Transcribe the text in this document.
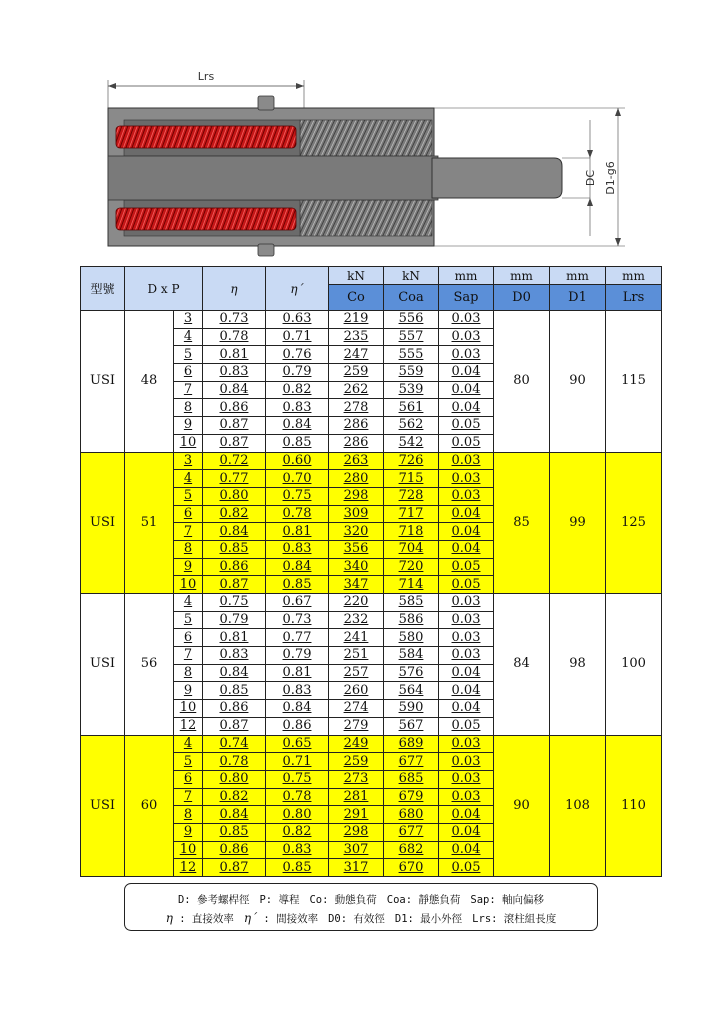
Lrs
DC D1-g6
型號	D x P		η	η´	kN	kN	mm	mm	mm	mm
					Co	Coa	Sap	D0	D1	Lrs
USI	48	3	0.73	0.63	219	556	0.03	80	90	115
		4	0.78	0.71	235	557	0.03			
		5	0.81	0.76	247	555	0.03			
		6	0.83	0.79	259	559	0.04			
		7	0.84	0.82	262	539	0.04			
		8	0.86	0.83	278	561	0.04			
		9	0.87	0.84	286	562	0.05			
		10	0.87	0.85	286	542	0.05			
USI	51	3	0.72	0.60	263	726	0.03	85	99	125
		4	0.77	0.70	280	715	0.03			
		5	0.80	0.75	298	728	0.03			
		6	0.82	0.78	309	717	0.04			
		7	0.84	0.81	320	718	0.04			
		8	0.85	0.83	356	704	0.04			
		9	0.86	0.84	340	720	0.05			
		10	0.87	0.85	347	714	0.05			
USI	56	4	0.75	0.67	220	585	0.03	84	98	100
		5	0.79	0.73	232	586	0.03			
		6	0.81	0.77	241	580	0.03			
		7	0.83	0.79	251	584	0.03			
		8	0.84	0.81	257	576	0.04			
		9	0.85	0.83	260	564	0.04			
		10	0.86	0.84	274	590	0.04			
		12	0.87	0.86	279	567	0.05			
USI	60	4	0.74	0.65	249	689	0.03	90	108	110
		5	0.78	0.71	259	677	0.03			
		6	0.80	0.75	273	685	0.03			
		7	0.82	0.78	281	679	0.03			
		8	0.84	0.80	291	680	0.04			
		9	0.85	0.82	298	677	0.04			
		10	0.86	0.83	307	682	0.04			
		12	0.87	0.85	317	670	0.05			
D: 參考螺桿徑 P: 導程 Co: 動態負荷 Coa: 靜態負荷 Sap: 軸向偏移
η : 直接效率 η´ : 間接效率 D0: 有效徑 D1: 最小外徑 Lrs: 滾柱組長度
